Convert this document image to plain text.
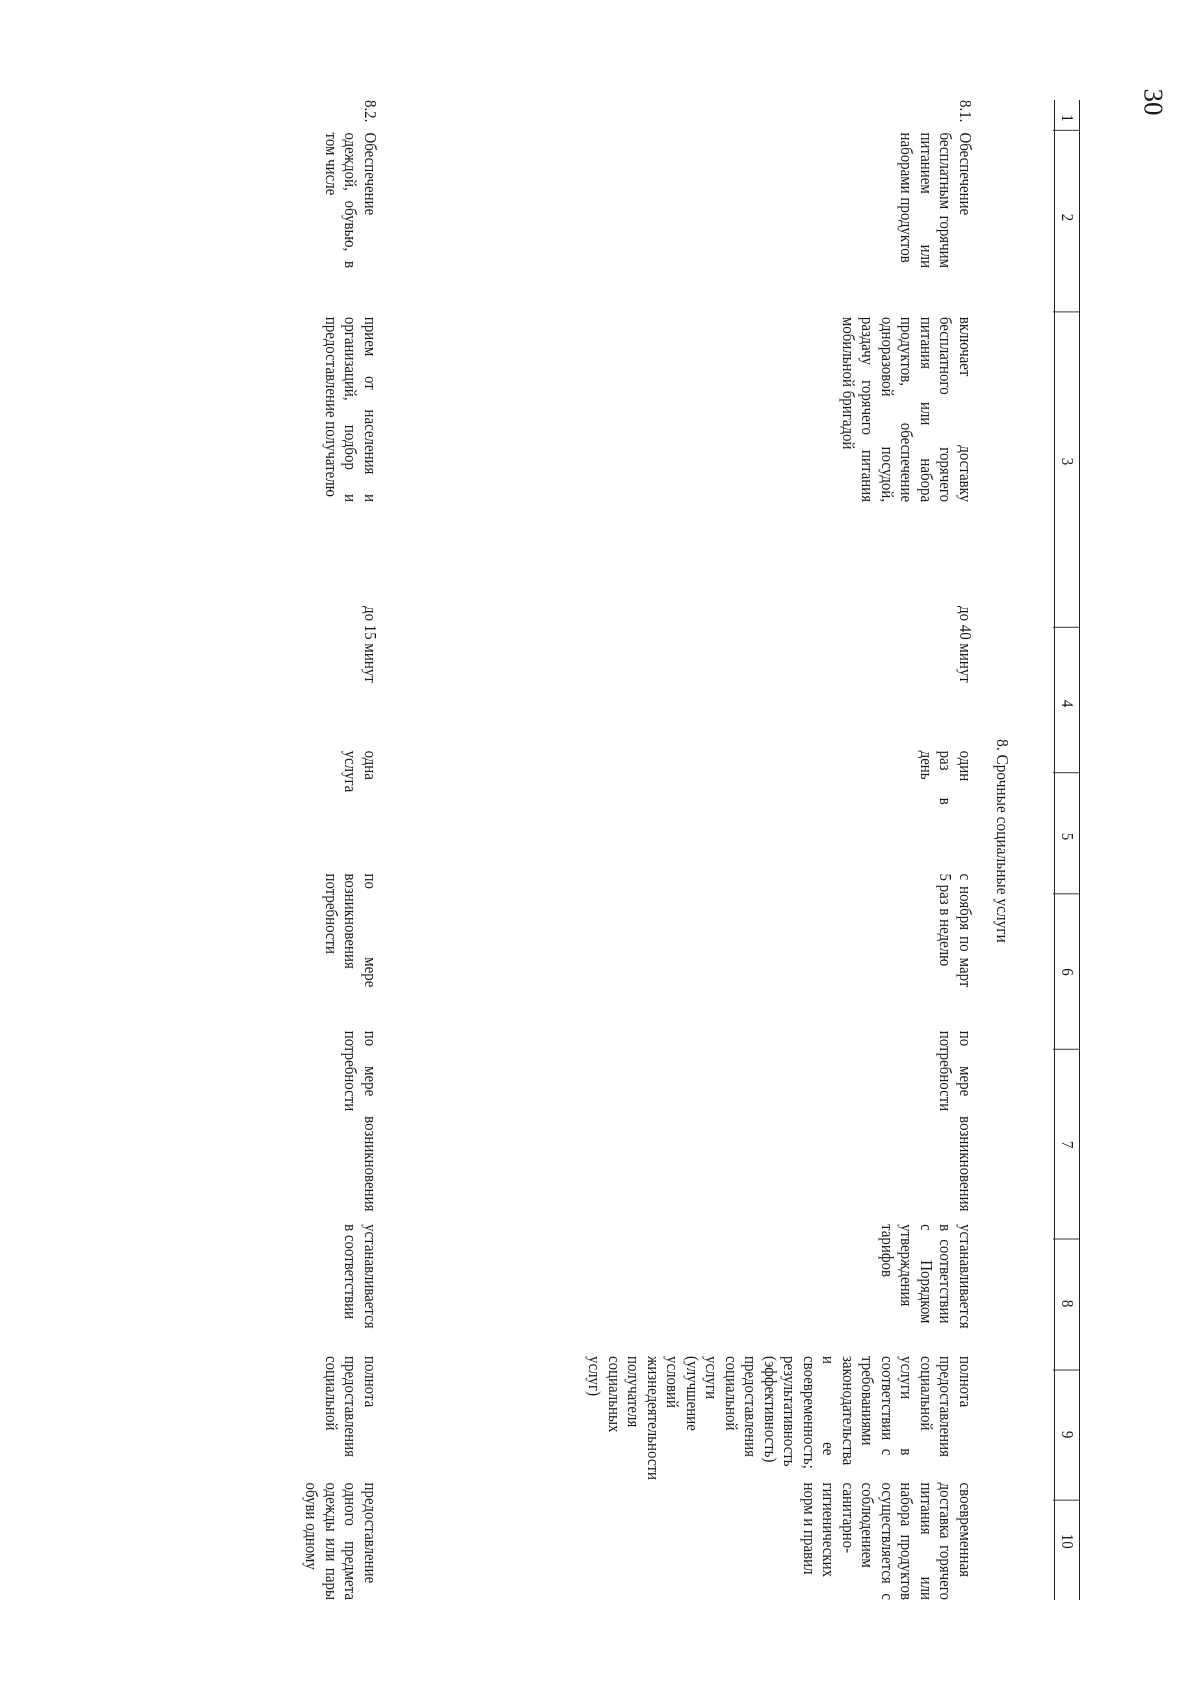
30
1
2
3
4
5
6
7
8
9
8. Срочные социальные услуги
8.1.
Обеспечение бесплатным горячим питанием или наборами продуктов
включает доставку бесплатного горячего питания или набора продуктов, обеспечение одноразовой посудой, раздачу горячего питания мобильной бригадой
до 40 минут
один раз в день
с ноября по март 5 раз в неделю
по мере возникновения потребности
устанавливается в соответствии с Порядком утверждения тарифов
полнота предоставления социальной услуги в соответствии с требованиями законодательства и ее своевременность; результативность (эффективность) предоставления социальной услуги (улучшение условий жизнедеятельности получателя социальных услуг)
8.2.
Обеспечение одеждой, обувью, в том числе
прием от населения и организаций, подбор и предоставление получателю
до 15 минут
одна услуга
по мере возникновения потребности
по мере возникновения потребности
устанавливается в соответствии
полнота предоставления социальной
своевременная доставка горячего питания или набора продуктов осуществляется с соблюдением санитарно-гигиенических норм и правил
предоставление одного предмета одежды или пары обуви одному	10
